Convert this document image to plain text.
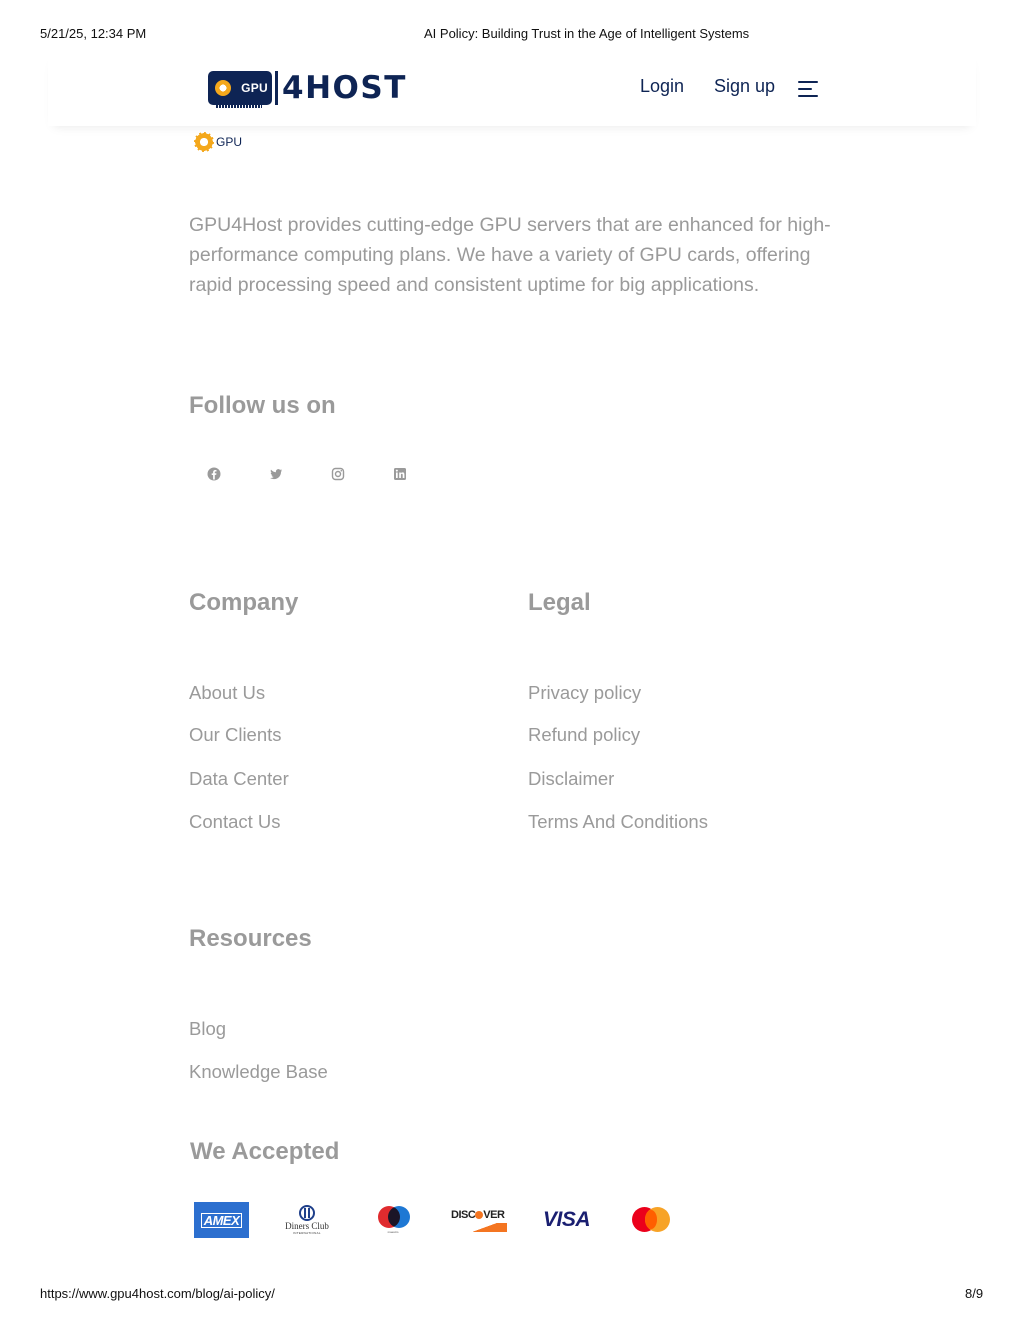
5/21/25, 12:34 PM	AI Policy: Building Trust in the Age of Intelligent Systems
GPU 4HOST	Login Sign up
GPU
GPU4Host provides cutting-edge GPU servers that are enhanced for high-performance computing plans. We have a variety of GPU cards, offering rapid processing speed and consistent uptime for big applications.
Follow us on
Company
About Us
Our Clients
Data Center
Contact Us
Legal
Privacy policy
Refund policy
Disclaimer
Terms And Conditions
Resources
Blog
Knowledge Base
We Accepted
AMEX	Diners Club
INTERNATIONAL	maestro
DISC VER VISA
https://www.gpu4host.com/blog/ai-policy/	8/9
